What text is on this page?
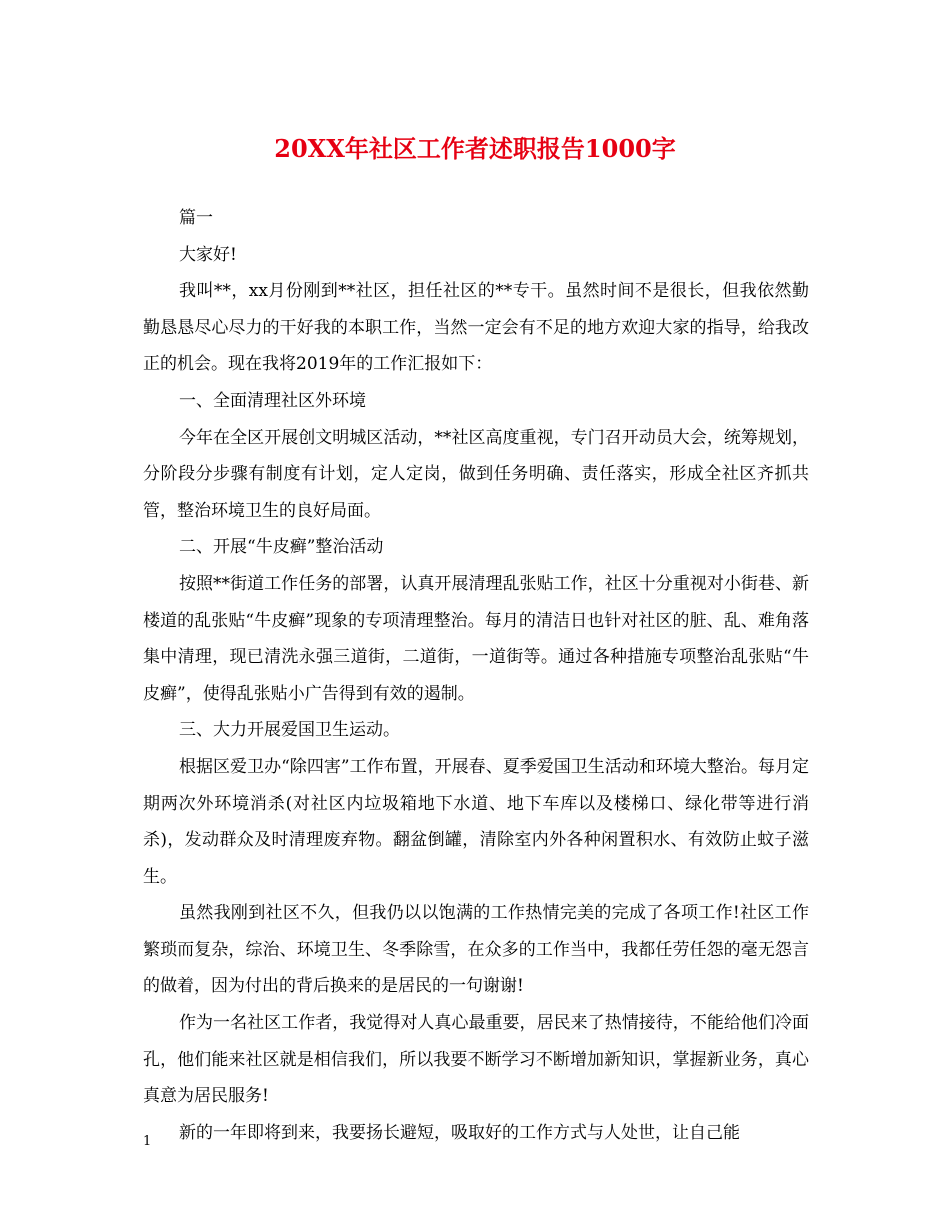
20XX年社区工作者述职报告1000字

篇一

大家好!

我叫**，xx月份刚到**社区，担任社区的**专干。虽然时间不是很长，但我依然勤勤恳恳尽心尽力的干好我的本职工作，当然一定会有不足的地方欢迎大家的指导，给我改正的机会。现在我将2019年的工作汇报如下：

一、全面清理社区外环境

今年在全区开展创文明城区活动，**社区高度重视，专门召开动员大会，统筹规划，分阶段分步骤有制度有计划，定人定岗，做到任务明确、责任落实，形成全社区齐抓共管，整治环境卫生的良好局面。

二、开展“牛皮癣”整治活动

按照**街道工作任务的部署，认真开展清理乱张贴工作，社区十分重视对小街巷、新楼道的乱张贴“牛皮癣”现象的专项清理整治。每月的清洁日也针对社区的脏、乱、难角落集中清理，现已清洗永强三道街，二道街，一道街等。通过各种措施专项整治乱张贴“牛皮癣”，使得乱张贴小广告得到有效的遏制。

三、大力开展爱国卫生运动。

根据区爱卫办“除四害”工作布置，开展春、夏季爱国卫生活动和环境大整治。每月定期两次外环境消杀(对社区内垃圾箱地下水道、地下车库以及楼梯口、绿化带等进行消杀)，发动群众及时清理废弃物。翻盆倒罐，清除室内外各种闲置积水、有效防止蚊子滋生。

虽然我刚到社区不久，但我仍以以饱满的工作热情完美的完成了各项工作!社区工作繁琐而复杂，综治、环境卫生、冬季除雪，在众多的工作当中，我都任劳任怨的毫无怨言的做着，因为付出的背后换来的是居民的一句谢谢!

作为一名社区工作者，我觉得对人真心最重要，居民来了热情接待，不能给他们冷面孔，他们能来社区就是相信我们，所以我要不断学习不断增加新知识，掌握新业务，真心真意为居民服务!

新的一年即将到来，我要扬长避短，吸取好的工作方式与人处世，让自己能

1
